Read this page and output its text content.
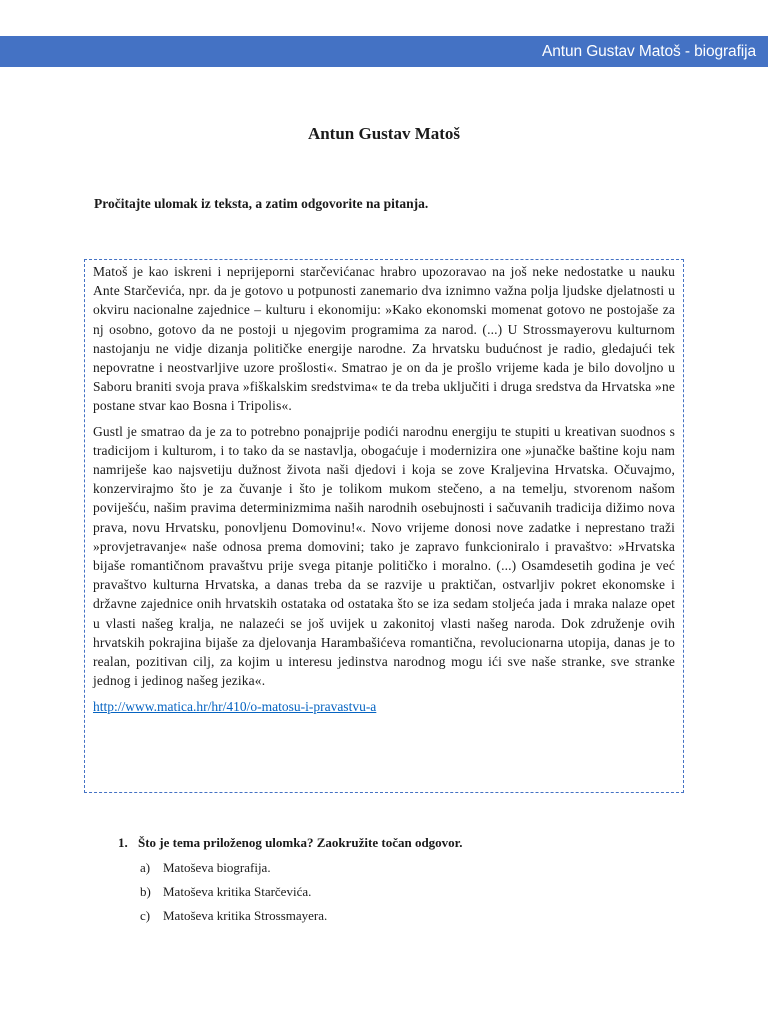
Antun Gustav Matoš - biografija
Antun Gustav Matoš
Pročitajte ulomak iz teksta, a zatim odgovorite na pitanja.

Matoš je kao iskreni i neprijeporni starčevićanac hrabro upozoravao na još neke nedostatke u nauku Ante Starčevića, npr. da je gotovo u potpunosti zanemario dva iznimno važna polja ljudske djelatnosti u okviru nacionalne zajednice – kulturu i ekonomiju: »Kako ekonomski momenat gotovo ne postojaše za nj osobno, gotovo da ne postoji u njegovim programima za narod. (...) U Strossmayerovu kulturnom nastojanju ne vidje dizanja političke energije narodne. Za hrvatsku budućnost je radio, gledajući tek nepovratne i neostvarljive uzore prošlosti«. Smatrao je on da je prošlo vrijeme kada je bilo dovoljno u Saboru braniti svoja prava »fiškalskim sredstvima« te da treba uključiti i druga sredstva da Hrvatska »ne postane stvar kao Bosna i Tripolis«.

Gustl je smatrao da je za to potrebno ponajprije podići narodnu energiju te stupiti u kreativan suodnos s tradicijom i kulturom, i to tako da se nastavlja, obogaćuje i modernizira one »junačke baštine koju nam namriješe kao najsvetiju dužnost života naši djedovi i koja se zove Kraljevina Hrvatska. Očuvajmo, konzervirajmo što je za čuvanje i što je tolikom mukom stečeno, a na temelju, stvorenom našom poviješću, našim pravima determinizmima naših narodnih osebujnosti i sačuvanih tradicija dižimo nova prava, novu Hrvatsku, ponovljenu Domovinu!«. Novo vrijeme donosi nove zadatke i neprestano traži »provjetravanje« naše odnosa prema domovini; tako je zapravo funkcioniralo i pravaštvo: »Hrvatska bijaše romantičnom pravaštvu prije svega pitanje političko i moralno. (...) Osamdesetih godina je već pravaštvo kulturna Hrvatska, a danas treba da se razvije u praktičan, ostvarljiv pokret ekonomske i državne zajednice onih hrvatskih ostataka od ostataka što se iza sedam stoljeća jada i mraka nalaze opet u vlasti našeg kralja, ne nalazeći se još uvijek u zakonitoj vlasti našeg naroda. Dok združenje ovih hrvatskih pokrajina bijaše za djelovanja Harambašićeva romantična, revolucionarna utopija, danas je to realan, pozitivan cilj, za kojim u interesu jedinstva narodnog mogu ići sve naše stranke, sve stranke jednog i jedinog našeg jezika«.

http://www.matica.hr/hr/410/o-matosu-i-pravastvu-a
1. Što je tema priloženog ulomka? Zaokružite točan odgovor.
a) Matoševa biografija.
b) Matoševa kritika Starčevića.
c) Matoševa kritika Strossmayera.
